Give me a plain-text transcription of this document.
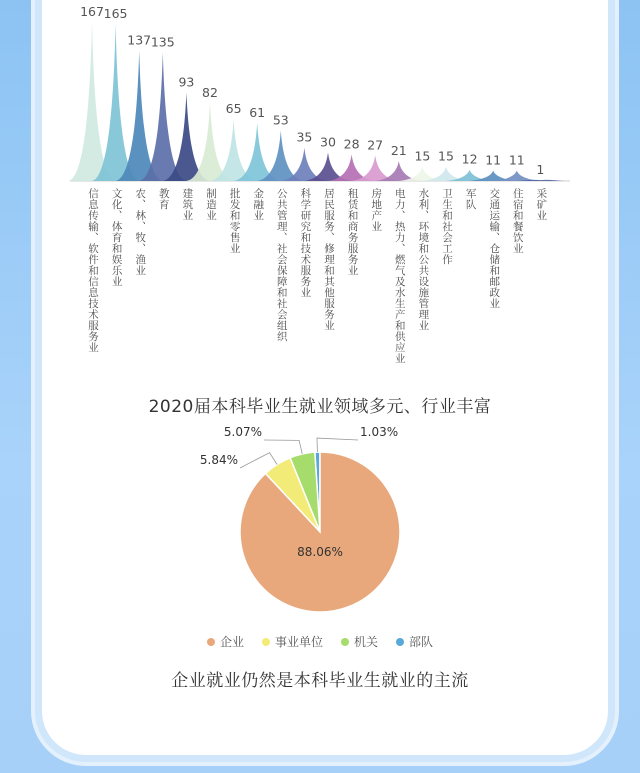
167 165
137 135
93
82
65 61
53
35 30 28 27 21 15 15 12 11 11
1
信息传输、软件和信息技术服务业 文化、体育和娱乐业 农、林、牧、渔业 教育 建筑业 制造业 批发和零售业 金融业 公共管理、社会保障和社会组织 科学研究和技术服务业 居民服务、修理和其他服务业 租赁和商务服务业 房地产业 电力、热力、燃气及水生产和供应业 水利、环境和公共设施管理业 卫生和社会工作 军队 交通运输、仓储和邮政业 住宿和餐饮业 采矿业
2020届本科毕业生就业领域多元、行业丰富
1.03%
5.07%
5.84%
88.06%
企业	事业单位	机关	部队
企业就业仍然是本科毕业生就业的主流
